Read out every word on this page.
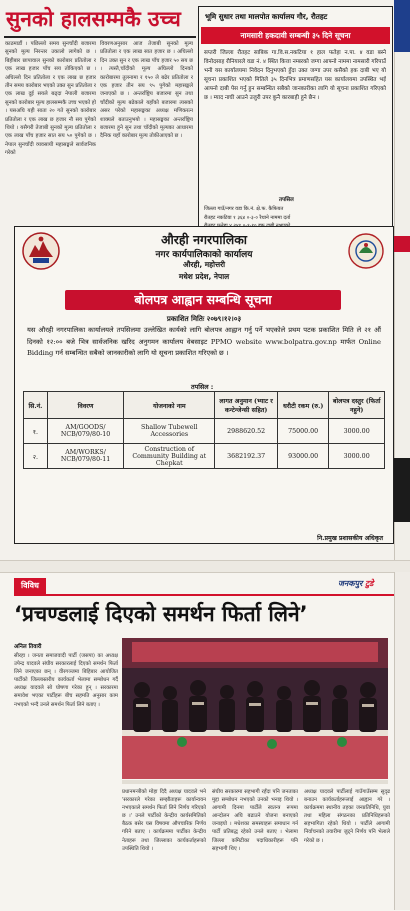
सुनको हालसम्मकै उच्च
काठमाडौं । पछिल्लो समय सुनचाँदी बजारमा सुनको मूल्य निरन्तर उकालो लागेको छ । बिहीबार छापावाल सुनको कारोबार प्रतितोला र एक लाख हजार पाँच सय तोकिएको छ । अघिल्लो दिन प्रतितोला र एक लाख छ हजार तीन समय कारोबार भएको उक्त सुन प्रतितोला र एक लाख दुई सयले बढ्दा नेपाली बजारमा सुनको कारोबार मूल्य हालसम्मकै उच्च भएको हो । यसअघि यही साता २० गते सुनको कारोबार प्रतितोला र एक लाख छ हजार नौ सय पुगेको थियो । यसैगरी तेजाबी सुनको मूल्य प्रतितोला र एक लाख पाँच हजार सात सय ५० पुगेको छ । नेपाल सुनचाँदी व्यवसायी महासङ्घले सार्वजनिक गरेको
विवरणअनुसार आज तेजाबी सुनको मूल्य प्रतितोला र एक लाख सात हजार छ । अघिल्लो दिन उक्त सुन र एक लाख पाँच हजार ५० सय छ । त्यस्तै,चाँदीको मूल्य अघिल्लो दिनको कारोबारमा तुलनामा र १५० ले बढेर प्रतितोला र एक हजार तीन सय ९५ पुगेको महासङ्घले जनाएको छ । अन्तर्राष्ट्रिय बजारमा सुन तथा चाँदीको मूल्य बढेकाले यहाँको बजारमा त्यसको असर परेको महासङ्घका अध्यक्ष मणिकरत्न शाक्यले बताउनुभयो । महासङ्घका अन्तर्राष्ट्रिय बजारमा हुने सुन तथा चाँदीको मूल्यका आधारमा दैनिक यहाँ कारोबार मूल्य तोकीआएको छ ।
भूमि सुधार तथा मालपोत कार्यालय गौर, रौतहट
नामसारी हकदावी सम्बन्धी ३५ दिने सूचना
सप्तरी जिल्ला रौतहट साबिक गा.वि.स.नकटिया १ हाल फतेहा न.पा. ४ वडा बस्ने विनोदसाह रौनियारले वडा नं. ४ स्थित कित्ता नम्बरको जग्गा आफ्नो नाममा नामसारी गरिपाउँ भनी यस कार्यालयमा निवेदन दिनुभएको हुँदा उक्त जग्गा उपर कसैको हक दाबी भए यो सूचना प्रकाशित भएको मितिले ३५ दिनभित्र प्रमाणसहित यस कार्यालयमा उपस्थित भई आफ्नो दाबी पेस गर्नु हुन सम्बन्धित सबैको जानकारीका लागि यो सूचना प्रकाशित गरिएको छ । म्याद नाघी आउने उजुरी उपर कुनै कारबाही हुने छैन ।
तपसिल
जिल्ला गाउँ/नगर वडा कि.नं. क्षे.फ. कैफियत
रौतहट नकटिया १ ३६४ ०-३-० रैथाने नाममा दर्ता
औरही नगरपालिका
नगर कार्यपालिकाको कार्यालय
औरही, महोत्तरी
मधेश प्रदेश, नेपाल
बोलपत्र आह्वान सम्बन्धि सूचना
प्रकाशित मितिः २०७९।१२।०३
यस औरही नगरपालिका कार्यालयले तपसिलमा उल्लेखित कार्यको लागि बोलपत्र आह्वान गर्नु पर्ने भएकोले प्रथम पटक प्रकाशित मिति ले २१ औं दिनको १२:०० बजे भित्र सार्वजनिक खरिद अनुगमन कार्यालय वेबसाइट PPMO website www.bolpatra.gov.np मार्फत Online Bidding गर्न सम्बन्धित सबैको जानकारीको लागि यो सूचना प्रकाशित गरिएको छ ।
तपसिल :
सि.नं.	विवरण	योजनाको नाम	लागत अनुमान (भ्याट र कन्टेन्जेन्सी सहित)	धरौटी रकम (रु.)	बोलपत्र दस्तुर (फिर्ता नहुने)
१.	AM/GOODS/ NCB/079/80-10	Shallow Tubewell Accessories	2988620.52	75000.00	3000.00
२.	AM/WORKS/ NCB/079/80-11	Construction of Community Building at Chepkat	3682192.37	93000.00	3000.00
नि.प्रमुख प्रशासकीय अधिकृत
विविध	जनकपुर टुडे
‘प्रचण्डलाई दिएको समर्थन फिर्ता लिने’
अनिल तिवारी
सीरहा । जनता समाजवादी पार्टी (जसपा) का अध्यक्ष उपेन्द्र यादवले संघीय सरकारलाई दिएको समर्थन फिर्ता लिने जनाएका छन् । वीरगञ्जमा बिहिबार आयोजित पार्टीको जिल्लास्तरीय कार्यकर्ता भेलामा सम्बोधन गर्दै अध्यक्ष यादवले सो घोषणा गरेका हुन् । सरकारमा समावेश भएका पार्टीहरू बीच सहमति अनुसार काम नभएको भन्दै उनले समर्थन फिर्ता लिने बताए ।
प्रधानमन्त्रीको मोहा दिदै अध्यक्ष यादवले भने 'सरकारले गरेका सम्झौताहरू कार्यान्वयन नभएकाले समर्थन फिर्ता लिने निर्णय गरिएको छ ।' उनले पार्टीको केन्द्रीय कार्यसमितिको बैठक बसेर यस विषयमा औपचारिक निर्णय गरिने बताए । कार्यक्रममा पार्टीका केन्द्रीय नेताहरू तथा जिल्लाका कार्यकर्ताहरूको उपस्थिति थियो ।
संघीय सरकारमा सहभागी रहँदा पनि जनताका मुद्दा सम्बोधन नभएको उनको भनाइ थियो । आगामी दिनमा पार्टीले स्वतन्त्र रूपमा आन्दोलन अघि बढाउने योजना बनाएको जनाइयो । मधेशका समस्याहरू समाधान गर्न पार्टी प्रतिबद्ध रहेको उनले बताए । भेलामा जिल्ला कमिटीका पदाधिकारीहरू पनि सहभागी थिए ।
अध्यक्ष यादवले पार्टीलाई गाउँगाउँसम्म सुदृढ बनाउन कार्यकर्ताहरूलाई आह्वान गरे । कार्यक्रममा स्थानीय तहका जनप्रतिनिधि, युवा तथा महिला संगठनका प्रतिनिधिहरूको सहभागिता रहेको थियो । पार्टीले आगामी निर्वाचनको तयारीमा जुट्ने निर्णय पनि भेलाले गरेको छ ।
